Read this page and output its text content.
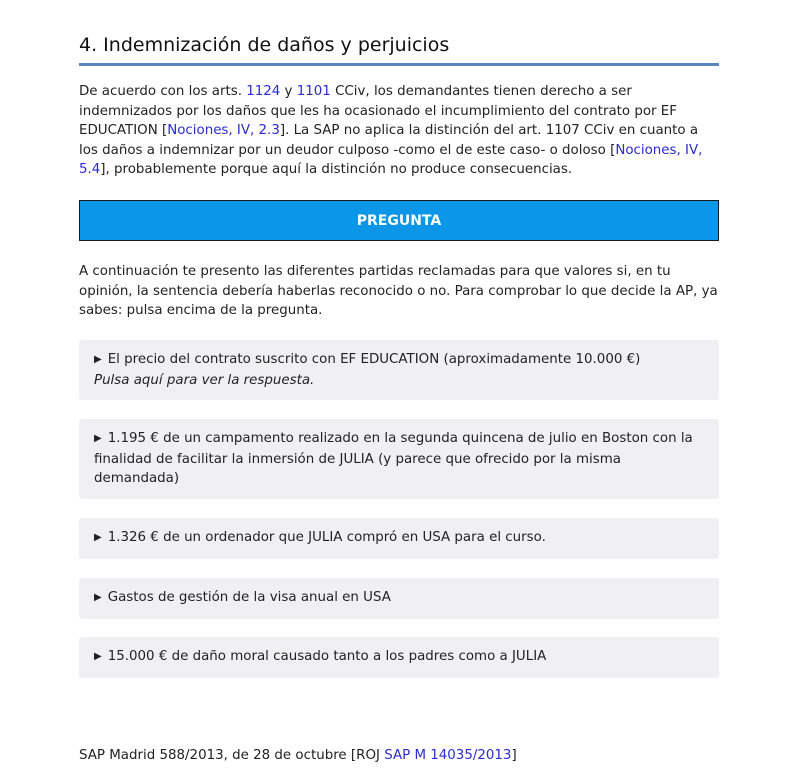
4. Indemnización de daños y perjuicios

De acuerdo con los arts. 1124 y 1101 CCiv, los demandantes tienen derecho a ser indemnizados por los daños que les ha ocasionado el incumplimiento del contrato por EF EDUCATION [Nociones, IV, 2.3]. La SAP no aplica la distinción del art. 1107 CCiv en cuanto a los daños a indemnizar por un deudor culposo -como el de este caso- o doloso [Nociones, IV, 5.4], probablemente porque aquí la distinción no produce consecuencias.

PREGUNTA

A continuación te presento las diferentes partidas reclamadas para que valores si, en tu opinión, la sentencia debería haberlas reconocido o no. Para comprobar lo que decide la AP, ya sabes: pulsa encima de la pregunta.

▶ El precio del contrato suscrito con EF EDUCATION (aproximadamente 10.000 €)
Pulsa aquí para ver la respuesta.
▶ 1.195 € de un campamento realizado en la segunda quincena de julio en Boston con la finalidad de facilitar la inmersión de JULIA (y parece que ofrecido por la misma demandada)
▶ 1.326 € de un ordenador que JULIA compró en USA para el curso.
▶ Gastos de gestión de la visa anual en USA
▶ 15.000 € de daño moral causado tanto a los padres como a JULIA

SAP Madrid 588/2013, de 28 de octubre [ROJ SAP M 14035/2013]
